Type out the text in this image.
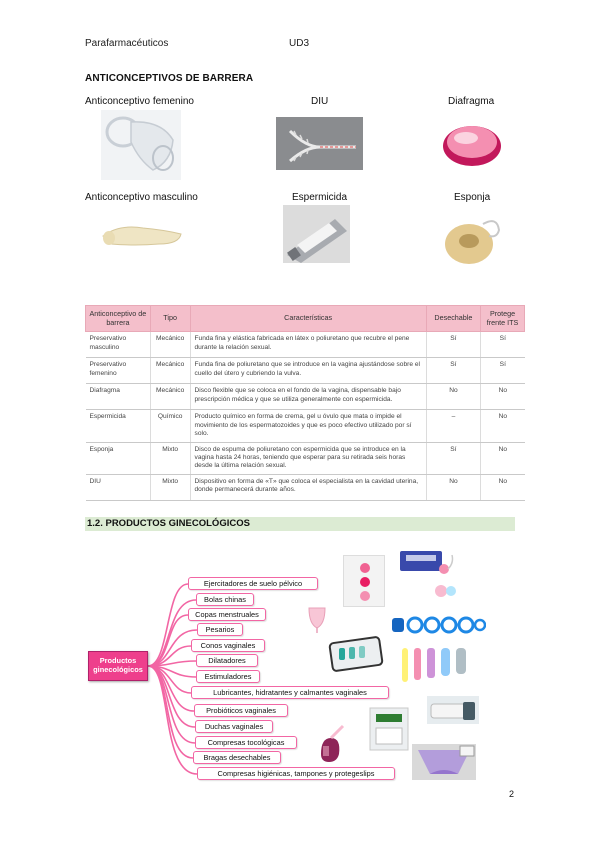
Parafarmacéuticos	UD3
ANTICONCEPTIVOS DE BARRERA
Anticonceptivo femenino	DIU	Diafragma
Anticonceptivo masculino	Espermicida	Esponja
Anticonceptivo de barrera	Tipo	Características	Desechable	Protege frente ITS
Preservativo masculino	Mecánico	Funda fina y elástica fabricada en látex o poliuretano que recubre el pene durante la relación sexual.	Sí	Sí
Preservativo femenino	Mecánico	Funda fina de poliuretano que se introduce en la vagina ajustándose sobre el cuello del útero y cubriendo la vulva.	Sí	Sí
Diafragma	Mecánico	Disco flexible que se coloca en el fondo de la vagina, dispensable bajo prescripción médica y que se utiliza generalmente con espermicida.	No	No
Espermicida	Químico	Producto químico en forma de crema, gel u óvulo que mata o impide el movimiento de los espermatozoides y que es poco efectivo utilizado por sí solo.	–	No
Esponja	Mixto	Disco de espuma de poliuretano con espermicida que se introduce en la vagina hasta 24 horas, teniendo que esperar para su retirada seis horas desde la última relación sexual.	Sí	No
DIU	Mixto	Dispositivo en forma de «T» que coloca el especialista en la cavidad uterina, donde permanecerá durante años.	No	No
1.2. PRODUCTOS GINECOLÓGICOS
Productos
ginecológicos
Ejercitadores de suelo pélvico
Bolas chinas
Copas menstruales
Pesarios
Conos vaginales
Dilatadores
Estimuladores
Lubricantes, hidratantes y calmantes vaginales
Probióticos vaginales
Duchas vaginales
Compresas tocológicas
Bragas desechables
Compresas higiénicas, tampones y protegeslips
2
